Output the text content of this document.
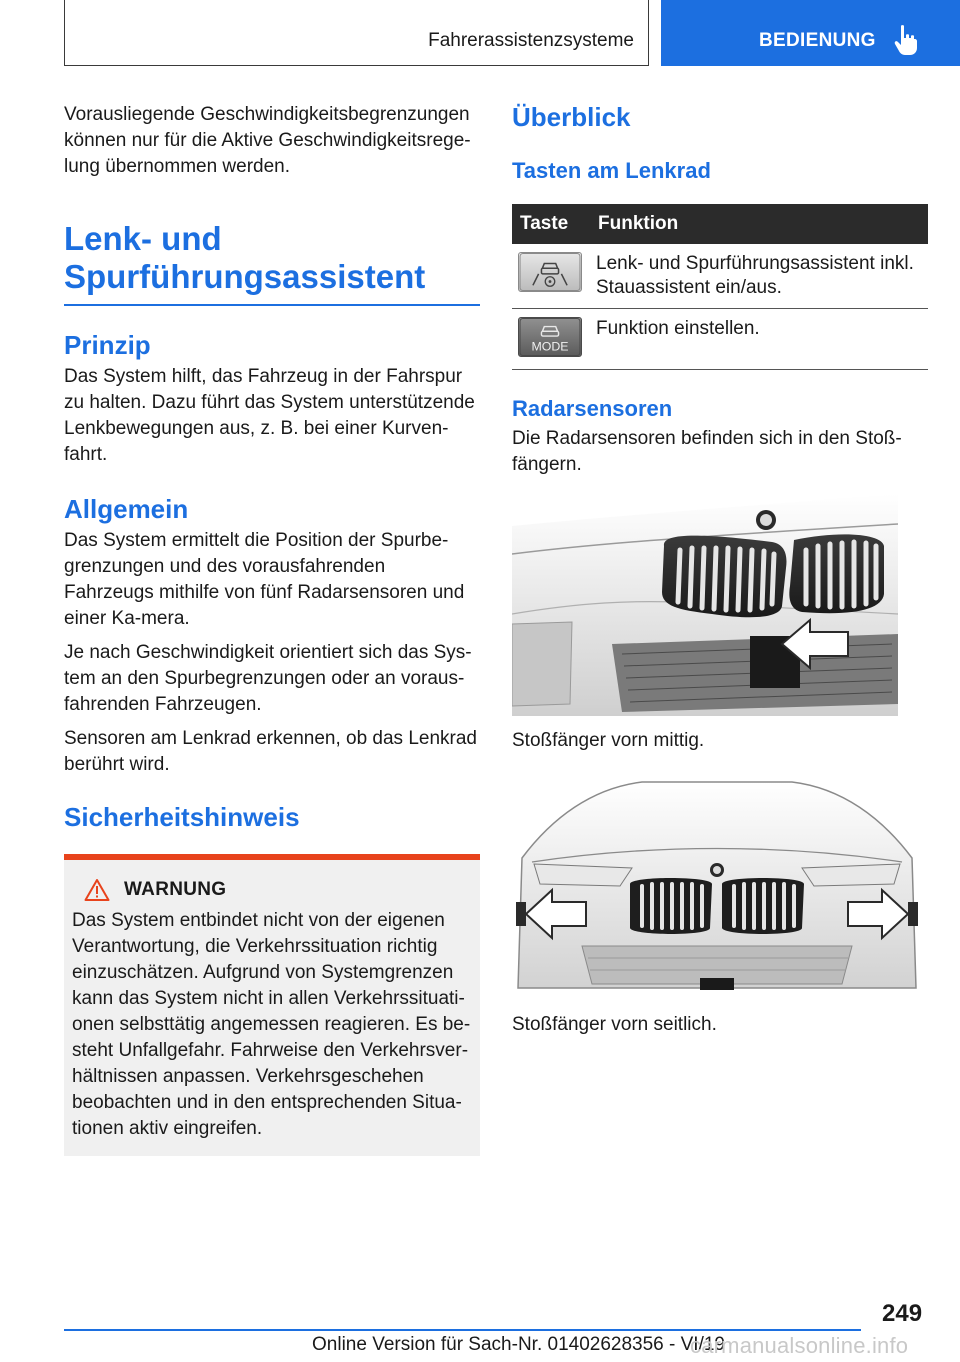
Fahrerassistenzsysteme	BEDIENUNG

Vorausliegende Geschwindigkeitsbegrenzungen können nur für die Aktive Geschwindigkeitsrege‐lung übernommen werden.

Lenk- und
Spurführungsassistent
Prinzip

Das System hilft, das Fahrzeug in der Fahrspur zu halten. Dazu führt das System unterstützende Lenkbewegungen aus, z. B. bei einer Kurven‐fahrt.

Allgemein

Das System ermittelt die Position der Spurbe‐grenzungen und des vorausfahrenden Fahrzeugs mithilfe von fünf Radarsensoren und einer Ka‐mera.

Je nach Geschwindigkeit orientiert sich das Sys‐tem an den Spurbegrenzungen oder an voraus‐fahrenden Fahrzeugen.

Sensoren am Lenkrad erkennen, ob das Lenkrad berührt wird.

Sicherheitshinweis
WARNUNG

Das System entbindet nicht von der eigenen Verantwortung, die Verkehrssituation richtig einzuschätzen. Aufgrund von Systemgrenzen kann das System nicht in allen Verkehrssituati‐onen selbsttätig angemessen reagieren. Es be‐steht Unfallgefahr. Fahrweise den Verkehrsver‐hältnissen anpassen. Verkehrsgeschehen beobachten und in den entsprechenden Situa‐tionen aktiv eingreifen.

Überblick
Tasten am Lenkrad
Taste	Funktion

	Lenk- und Spurführungsassistent inkl. Stauassistent ein/aus.

MODE	Funktion einstellen.
Radarsensoren

Die Radarsensoren befinden sich in den Stoß‐fängern.

Stoßfänger vorn mittig.

Stoßfänger vorn seitlich.

249
Online Version für Sach-Nr. 01402628356 - VI/19
carmanualsonline.info
